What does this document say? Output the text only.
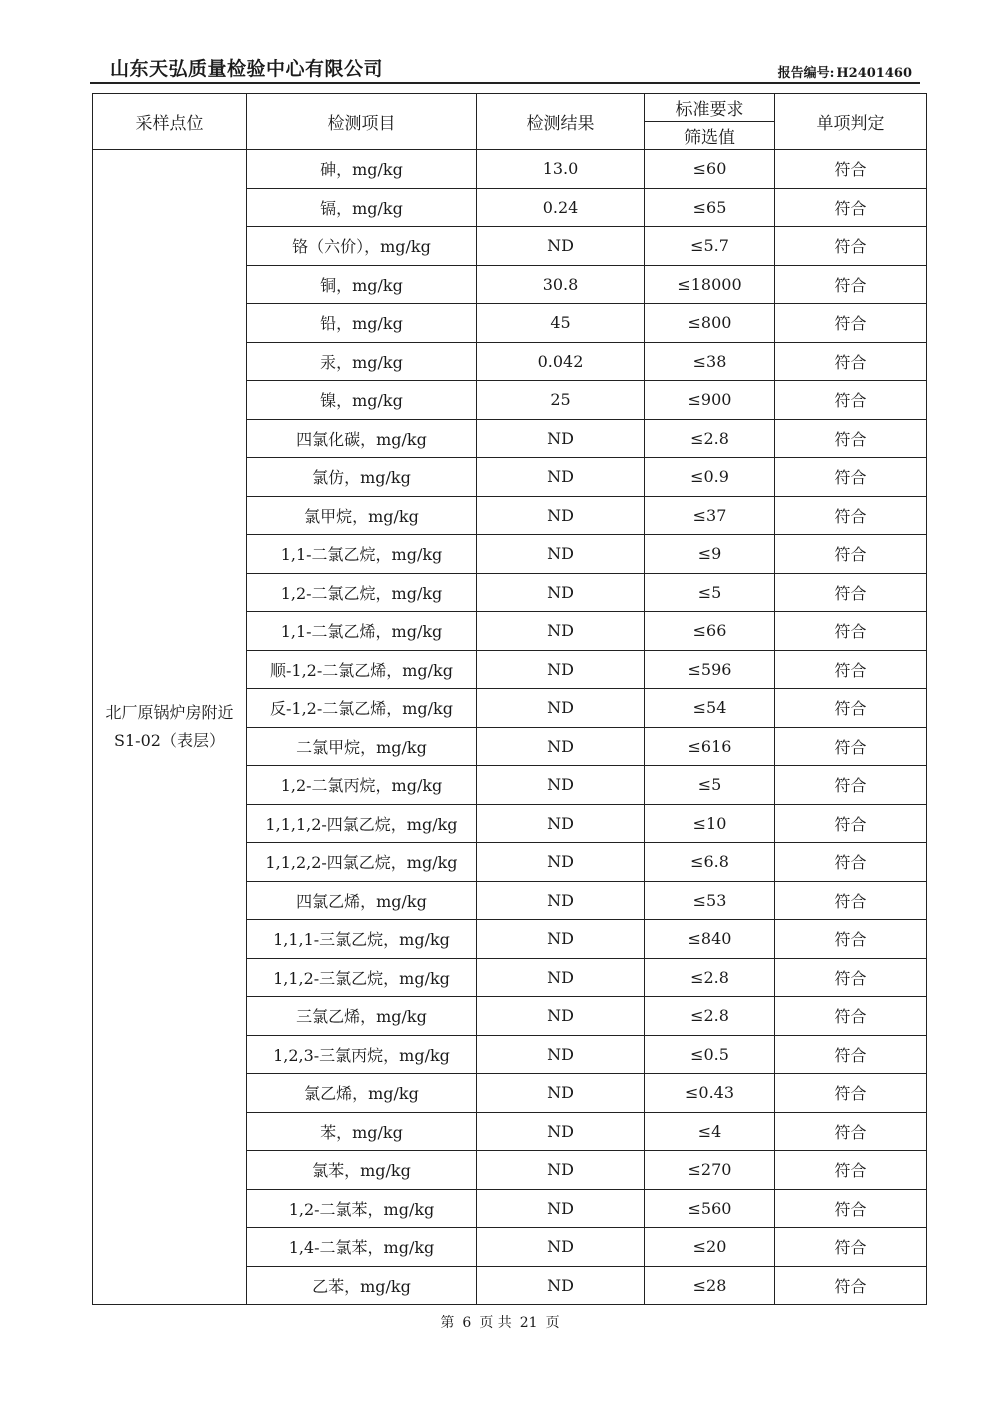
山东天弘质量检验中心有限公司	报告编号: H2401460
采样点位	检测项目	检测结果	标准要求	单项判定
			筛选值	
北厂原锅炉房附近 S1-02（表层）	砷，mg/kg	13.0	≤60	符合
	镉，mg/kg	0.24	≤65	符合
	铬（六价），mg/kg	ND	≤5.7	符合
	铜，mg/kg	30.8	≤18000	符合
	铅，mg/kg	45	≤800	符合
	汞，mg/kg	0.042	≤38	符合
	镍，mg/kg	25	≤900	符合
	四氯化碳，mg/kg	ND	≤2.8	符合
	氯仿，mg/kg	ND	≤0.9	符合
	氯甲烷，mg/kg	ND	≤37	符合
	1,1-二氯乙烷，mg/kg	ND	≤9	符合
	1,2-二氯乙烷，mg/kg	ND	≤5	符合
	1,1-二氯乙烯，mg/kg	ND	≤66	符合
	顺-1,2-二氯乙烯，mg/kg	ND	≤596	符合
	反-1,2-二氯乙烯，mg/kg	ND	≤54	符合
	二氯甲烷，mg/kg	ND	≤616	符合
	1,2-二氯丙烷，mg/kg	ND	≤5	符合
	1,1,1,2-四氯乙烷，mg/kg	ND	≤10	符合
	1,1,2,2-四氯乙烷，mg/kg	ND	≤6.8	符合
	四氯乙烯，mg/kg	ND	≤53	符合
	1,1,1-三氯乙烷，mg/kg	ND	≤840	符合
	1,1,2-三氯乙烷，mg/kg	ND	≤2.8	符合
	三氯乙烯，mg/kg	ND	≤2.8	符合
	1,2,3-三氯丙烷，mg/kg	ND	≤0.5	符合
	氯乙烯，mg/kg	ND	≤0.43	符合
	苯，mg/kg	ND	≤4	符合
	氯苯，mg/kg	ND	≤270	符合
	1,2-二氯苯，mg/kg	ND	≤560	符合
	1,4-二氯苯，mg/kg	ND	≤20	符合
	乙苯，mg/kg	ND	≤28	符合
第 6 页 共 21 页
